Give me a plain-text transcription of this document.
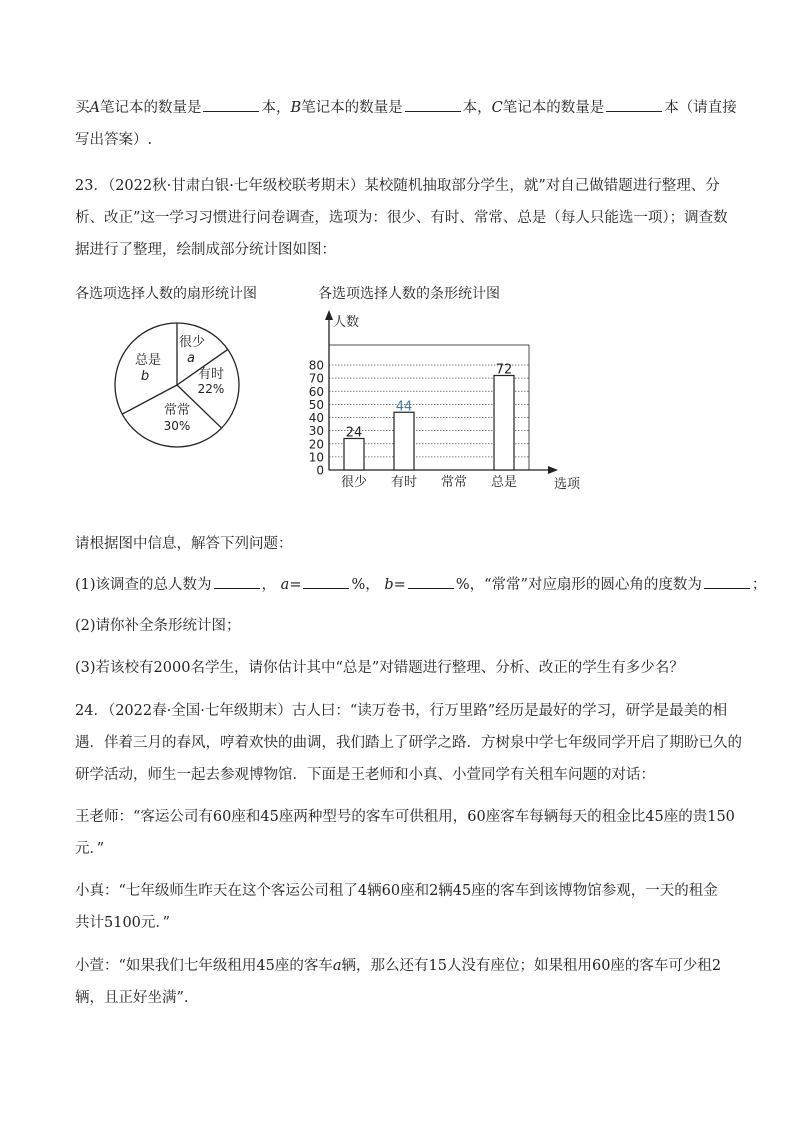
买A笔记本的数量是	本，B笔记本的数量是	本，C笔记本的数量是	本（请直接
写出答案）.
23．（2022秋·甘肃白银·七年级校联考期末）某校随机抽取部分学生，就”对自己做错题进行整理、分
析、改正”这一学习习惯进行问卷调查，选项为：很少、有时、常常、总是（每人只能选一项）；调查数
据进行了整理，绘制成部分统计图如图：
各选项选择人数的扇形统计图
很少
a
有时
22%
常常
30%
总是
b
各选项选择人数的条形统计图
0
10
20
30
40
50
60
70
80
人数
选项
24
44
72
很少 有时 常常 总是
请根据图中信息，解答下列问题：
(1)该调查的总人数为	， a=	%， b=	%，“常常”对应扇形的圆心角的度数为	；
(2)请你补全条形统计图；
(3)若该校有2000名学生，请你估计其中“总是”对错题进行整理、分析、改正的学生有多少名？
24．（2022春·全国·七年级期末）古人曰：“读万卷书，行万里路”经历是最好的学习，研学是最美的相
遇．伴着三月的春风，哼着欢快的曲调，我们踏上了研学之路．方树泉中学七年级同学开启了期盼已久的
研学活动，师生一起去参观博物馆．下面是王老师和小真、小萱同学有关租车问题的对话：
王老师：“客运公司有60座和45座两种型号的客车可供租用，60座客车每辆每天的租金比45座的贵150
元．”
小真：“七年级师生昨天在这个客运公司租了4辆60座和2辆45座的客车到该博物馆参观，一天的租金
共计5100元．”
小萱：“如果我们七年级租用45座的客车a辆，那么还有15人没有座位；如果租用60座的客车可少租2
辆，且正好坐满”.
